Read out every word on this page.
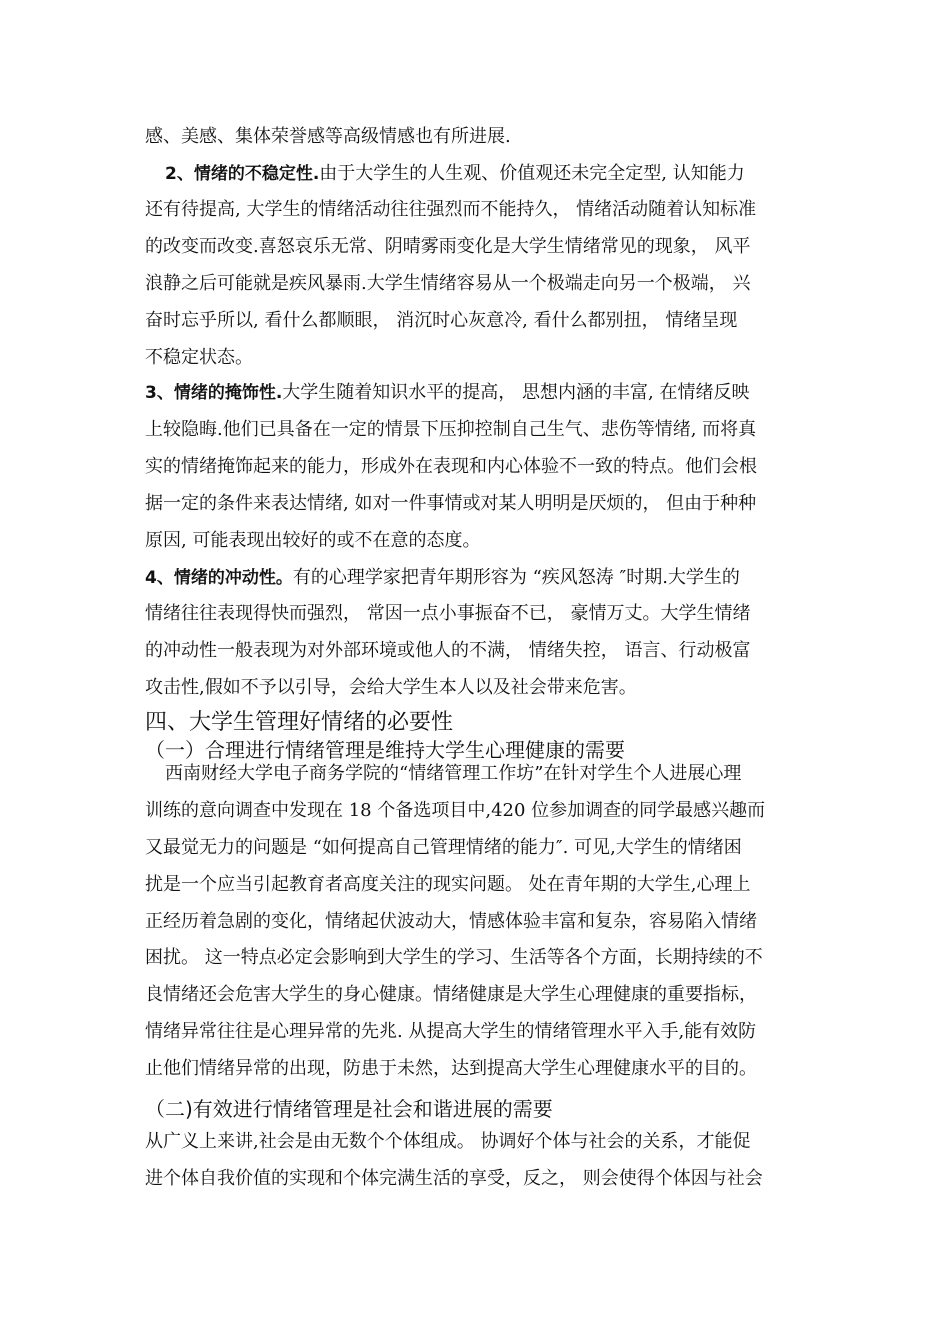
感、美感、集体荣誉感等高级情感也有所进展.
2、情绪的不稳定性.由于大学生的人生观、价值观还未完全定型, 认知能力
还有待提高, 大学生的情绪活动往往强烈而不能持久， 情绪活动随着认知标准
的改变而改变.喜怒哀乐无常、阴晴雾雨变化是大学生情绪常见的现象， 风平
浪静之后可能就是疾风暴雨.大学生情绪容易从一个极端走向另一个极端， 兴
奋时忘乎所以, 看什么都顺眼， 消沉时心灰意冷, 看什么都别扭， 情绪呈现
不稳定状态。
3、情绪的掩饰性.大学生随着知识水平的提高， 思想内涵的丰富, 在情绪反映
上较隐晦.他们已具备在一定的情景下压抑控制自己生气、悲伤等情绪, 而将真
实的情绪掩饰起来的能力，形成外在表现和内心体验不一致的特点。他们会根
据一定的条件来表达情绪, 如对一件事情或对某人明明是厌烦的， 但由于种种
原因, 可能表现出较好的或不在意的态度。
4、情绪的冲动性。有的心理学家把青年期形容为 “疾风怒涛 ″时期.大学生的
情绪往往表现得快而强烈， 常因一点小事振奋不已， 豪情万丈。大学生情绪
的冲动性一般表现为对外部环境或他人的不满， 情绪失控， 语言、行动极富
攻击性,假如不予以引导，会给大学生本人以及社会带来危害。
四、大学生管理好情绪的必要性
（一）合理进行情绪管理是维持大学生心理健康的需要
西南财经大学电子商务学院的“情绪管理工作坊”在针对学生个人进展心理
训练的意向调查中发现在 18 个备选项目中,420 位参加调查的同学最感兴趣而
又最觉无力的问题是 “如何提高自己管理情绪的能力″. 可见,大学生的情绪困
扰是一个应当引起教育者高度关注的现实问题。 处在青年期的大学生,心理上
正经历着急剧的变化，情绪起伏波动大，情感体验丰富和复杂，容易陷入情绪
困扰。 这一特点必定会影响到大学生的学习、生活等各个方面，长期持续的不
良情绪还会危害大学生的身心健康。情绪健康是大学生心理健康的重要指标，
情绪异常往往是心理异常的先兆. 从提高大学生的情绪管理水平入手,能有效防
止他们情绪异常的出现，防患于未然，达到提高大学生心理健康水平的目的。
（二)有效进行情绪管理是社会和谐进展的需要
从广义上来讲,社会是由无数个个体组成。 协调好个体与社会的关系，才能促
进个体自我价值的实现和个体完满生活的享受，反之， 则会使得个体因与社会
